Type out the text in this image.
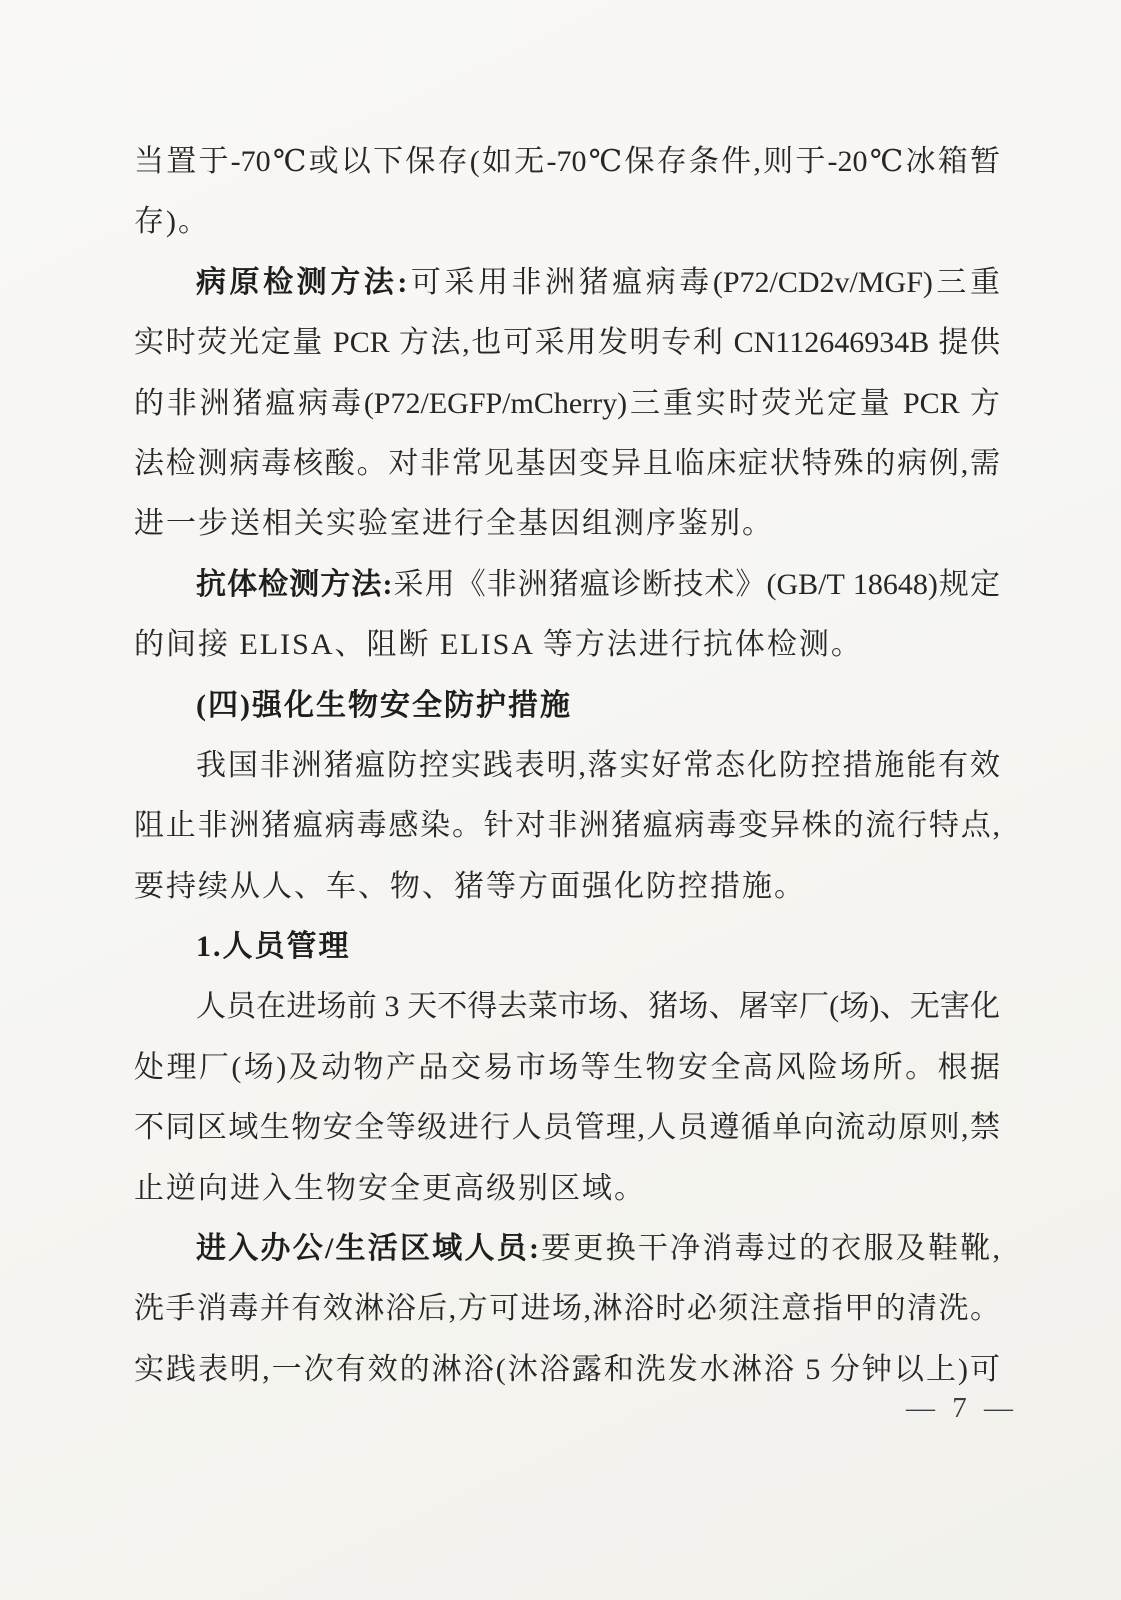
当置于-70℃或以下保存(如无-70℃保存条件,则于-20℃冰箱暂
存)。
病原检测方法:可采用非洲猪瘟病毒(P72/CD2v/MGF)三重
实时荧光定量 PCR 方法,也可采用发明专利 CN112646934B 提供
的非洲猪瘟病毒(P72/EGFP/mCherry)三重实时荧光定量 PCR 方
法检测病毒核酸。对非常见基因变异且临床症状特殊的病例,需
进一步送相关实验室进行全基因组测序鉴别。
抗体检测方法:采用《非洲猪瘟诊断技术》(GB/T 18648)规定
的间接 ELISA、阻断 ELISA 等方法进行抗体检测。
(四)强化生物安全防护措施
我国非洲猪瘟防控实践表明,落实好常态化防控措施能有效
阻止非洲猪瘟病毒感染。针对非洲猪瘟病毒变异株的流行特点,
要持续从人、车、物、猪等方面强化防控措施。
1.人员管理
人员在进场前 3 天不得去菜市场、猪场、屠宰厂(场)、无害化
处理厂(场)及动物产品交易市场等生物安全高风险场所。根据
不同区域生物安全等级进行人员管理,人员遵循单向流动原则,禁
止逆向进入生物安全更高级别区域。
进入办公/生活区域人员:要更换干净消毒过的衣服及鞋靴,
洗手消毒并有效淋浴后,方可进场,淋浴时必须注意指甲的清洗。
实践表明,一次有效的淋浴(沐浴露和洗发水淋浴 5 分钟以上)可
— 7 —
